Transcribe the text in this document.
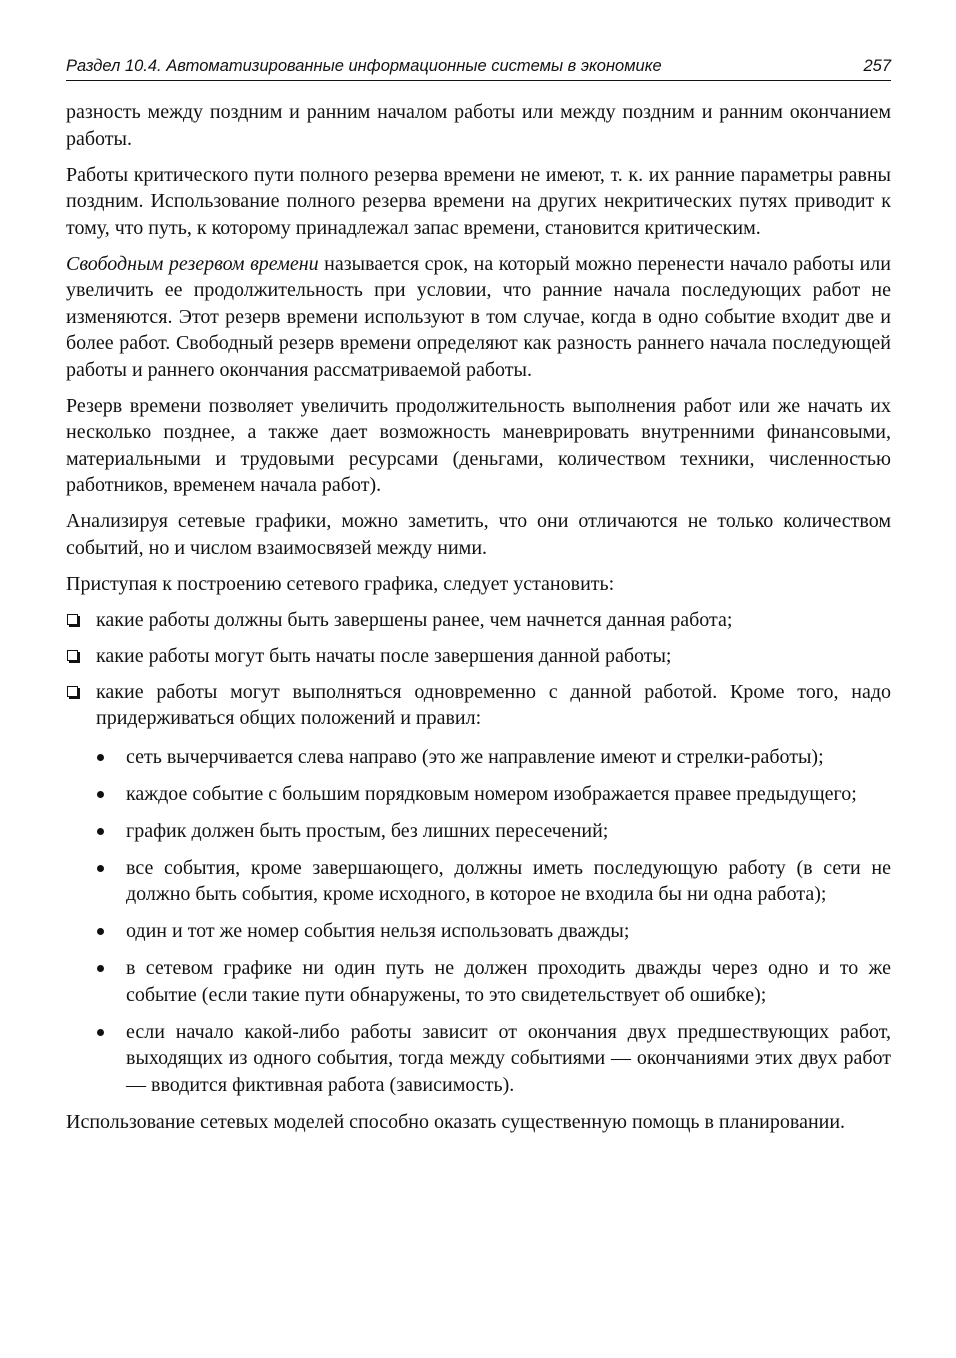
Раздел 10.4. Автоматизированные информационные системы в экономике	257

разность между поздним и ранним началом работы или между поздним и ранним окончанием работы.

Работы критического пути полного резерва времени не имеют, т. к. их ранние параметры равны поздним. Использование полного резерва времени на других некритических путях приводит к тому, что путь, к которому принадлежал запас времени, становится критическим.

Свободным резервом времени называется срок, на который можно перенести начало работы или увеличить ее продолжительность при условии, что ранние начала последующих работ не изменяются. Этот резерв времени используют в том случае, когда в одно событие входит две и более работ. Свободный резерв времени определяют как разность раннего начала последующей работы и раннего окончания рассматриваемой работы.

Резерв времени позволяет увеличить продолжительность выполнения работ или же начать их несколько позднее, а также дает возможность маневрировать внутренними финансовыми, материальными и трудовыми ресурсами (деньгами, количеством техники, численностью работников, временем начала работ).

Анализируя сетевые графики, можно заметить, что они отличаются не только количеством событий, но и числом взаимосвязей между ними.

Приступая к построению сетевого графика, следует установить:

какие работы должны быть завершены ранее, чем начнется данная работа;
какие работы могут быть начаты после завершения данной работы;
какие работы могут выполняться одновременно с данной работой. Кроме того, надо придерживаться общих положений и правил:
сеть вычерчивается слева направо (это же направление имеют и стрелки-работы);
каждое событие с большим порядковым номером изображается правее предыдущего;
график должен быть простым, без лишних пересечений;
все события, кроме завершающего, должны иметь последующую работу (в сети не должно быть события, кроме исходного, в которое не входила бы ни одна работа);
один и тот же номер события нельзя использовать дважды;
в сетевом графике ни один путь не должен проходить дважды через одно и то же событие (если такие пути обнаружены, то это свидетельствует об ошибке);
если начало какой-либо работы зависит от окончания двух предшествующих работ, выходящих из одного события, тогда между событиями — окончаниями этих двух работ — вводится фиктивная работа (зависимость).

Использование сетевых моделей способно оказать существенную помощь в планировании.
